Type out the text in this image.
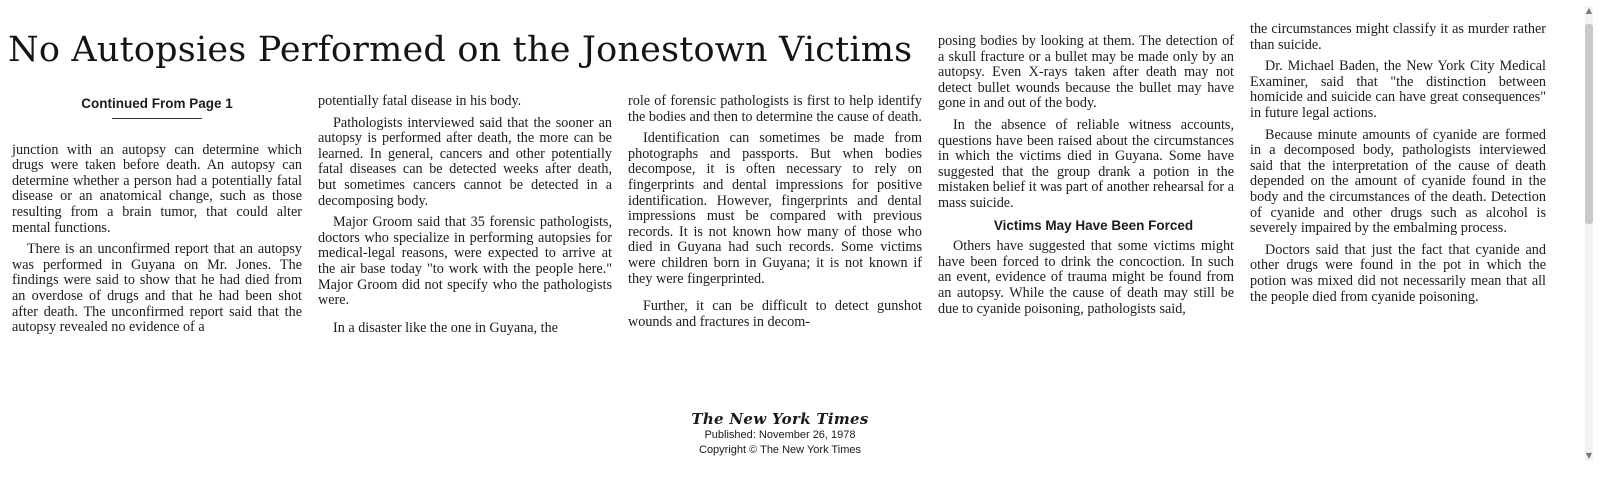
No Autopsies Performed on the Jonestown Victims

Continued From Page 1

junction with an autopsy can determine which drugs were taken before death. An autopsy can determine whether a person had a potentially fatal disease or an anatomical change, such as those resulting from a brain tumor, that could alter mental functions.

There is an unconfirmed report that an autopsy was performed in Guyana on Mr. Jones. The findings were said to show that he had died from an overdose of drugs and that he had been shot after death. The unconfirmed report said that the autopsy revealed no evidence of a

potentially fatal disease in his body.

Pathologists interviewed said that the sooner an autopsy is performed after death, the more can be learned. In general, cancers and other potentially fatal diseases can be detected weeks after death, but sometimes cancers cannot be detected in a decomposing body.

Major Groom said that 35 forensic pathologists, doctors who specialize in performing autopsies for medical-legal reasons, were expected to arrive at the air base today "to work with the people here." Major Groom did not specify who the pathologists were.

In a disaster like the one in Guyana, the

role of forensic pathologists is first to help identify the bodies and then to determine the cause of death.

Identification can sometimes be made from photographs and passports. But when bodies decompose, it is often necessary to rely on fingerprints and dental impressions for positive identification. However, fingerprints and dental impressions must be compared with previous records. It is not known how many of those who died in Guyana had such records. Some victims were children born in Guyana; it is not known if they were fingerprinted.

Further, it can be difficult to detect gunshot wounds and fractures in decom-

posing bodies by looking at them. The detection of a skull fracture or a bullet may be made only by an autopsy. Even X-rays taken after death may not detect bullet wounds because the bullet may have gone in and out of the body.

In the absence of reliable witness accounts, questions have been raised about the circumstances in which the victims died in Guyana. Some have suggested that the group drank a potion in the mistaken belief it was part of another rehearsal for a mass suicide.

Victims May Have Been Forced

Others have suggested that some victims might have been forced to drink the concoction. In such an event, evidence of trauma might be found from an autopsy. While the cause of death may still be due to cyanide poisoning, pathologists said,

the circumstances might classify it as murder rather than suicide.

Dr. Michael Baden, the New York City Medical Examiner, said that "the distinction between homicide and suicide can have great consequences" in future legal actions.

Because minute amounts of cyanide are formed in a decomposed body, pathologists interviewed said that the interpretation of the cause of death depended on the amount of cyanide found in the body and the circumstances of the death. Detection of cyanide and other drugs such as alcohol is severely impaired by the embalming process.

Doctors said that just the fact that cyanide and other drugs were found in the pot in which the potion was mixed did not necessarily mean that all the people died from cyanide poisoning.

The New York Times
Published: November 26, 1978
Copyright © The New York Times
▲
▼
